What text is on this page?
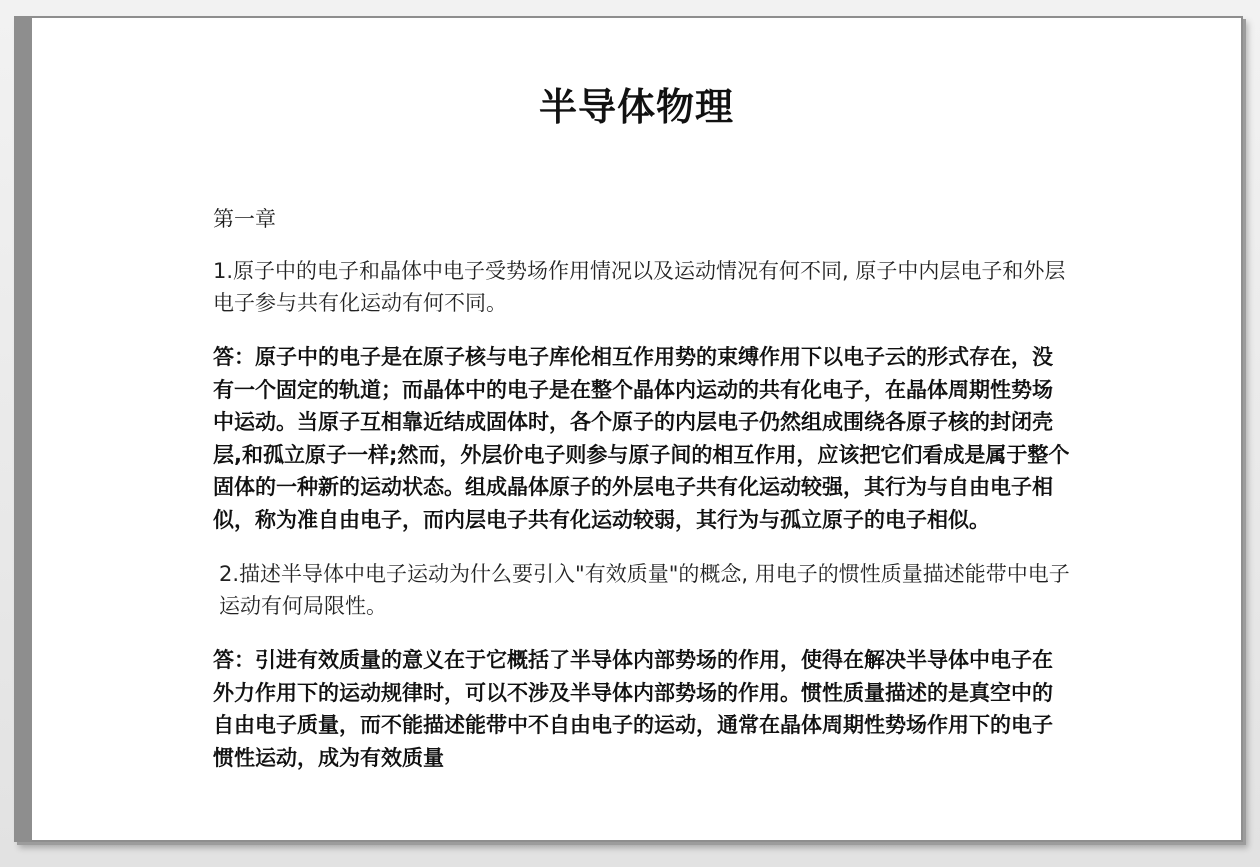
半导体物理

第一章

1.原子中的电子和晶体中电子受势场作用情况以及运动情况有何不同, 原子中内层电子和外层电子参与共有化运动有何不同。

答：原子中的电子是在原子核与电子库伦相互作用势的束缚作用下以电子云的形式存在，没有一个固定的轨道；而晶体中的电子是在整个晶体内运动的共有化电子，在晶体周期性势场中运动。当原子互相靠近结成固体时，各个原子的内层电子仍然组成围绕各原子核的封闭壳层,和孤立原子一样;然而，外层价电子则参与原子间的相互作用，应该把它们看成是属于整个固体的一种新的运动状态。组成晶体原子的外层电子共有化运动较强，其行为与自由电子相似，称为准自由电子，而内层电子共有化运动较弱，其行为与孤立原子的电子相似。

2.描述半导体中电子运动为什么要引入"有效质量"的概念, 用电子的惯性质量描述能带中电子运动有何局限性。

答：引进有效质量的意义在于它概括了半导体内部势场的作用，使得在解决半导体中电子在外力作用下的运动规律时，可以不涉及半导体内部势场的作用。惯性质量描述的是真空中的自由电子质量，而不能描述能带中不自由电子的运动，通常在晶体周期性势场作用下的电子惯性运动，成为有效质量
